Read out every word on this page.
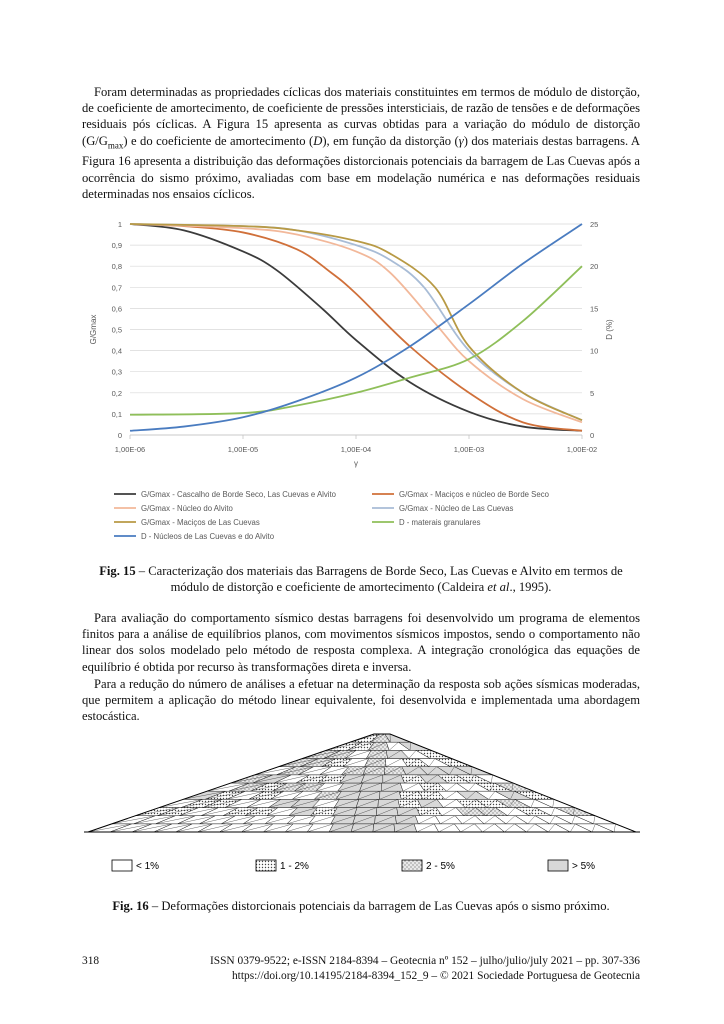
Foram determinadas as propriedades cíclicas dos materiais constituintes em termos de módulo de distorção, de coeficiente de amortecimento, de coeficiente de pressões intersticiais, de razão de tensões e de deformações residuais pós cíclicas. A Figura 15 apresenta as curvas obtidas para a variação do módulo de distorção $(G/G_{max})$ e do coeficiente de amortecimento (D), em função da distorção (γ) dos materiais destas barragens. A Figura 16 apresenta a distribuição das deformações distorcionais potenciais da barragem de Las Cuevas após a ocorrência do sismo próximo, avaliadas com base em modelação numérica e nas deformações residuais determinadas nos ensaios cíclicos.

0
0,1
0,2
0,3
0,4
0,5
0,6
0,7
0,8
0,9
1
0
5
10
15
20
25
1,00E-06	1,00E-05	1,00E-04	1,00E-03	1,00E-02
γ
G/Gmax	D (%)
G/Gmax - Cascalho de Borde Seco, Las Cuevas e Alvito	G/Gmax - Maciços e núcleo de Borde Seco
G/Gmax - Núcleo do Alvito	G/Gmax - Núcleo de Las Cuevas
G/Gmax - Maciços de Las Cuevas	D - materais granulares
D - Núcleos de Las Cuevas e do Alvito

Fig. 15 – Caracterização dos materiais das Barragens de Borde Seco, Las Cuevas e Alvito em termos de módulo de distorção e coeficiente de amortecimento (Caldeira et al., 1995).

Para avaliação do comportamento sísmico destas barragens foi desenvolvido um programa de elementos finitos para a análise de equilíbrios planos, com movimentos sísmicos impostos, sendo o comportamento não linear dos solos modelado pelo método de resposta complexa. A integração cronológica das equações de equilíbrio é obtida por recurso às transformações direta e inversa.

Para a redução do número de análises a efetuar na determinação da resposta sob ações sísmicas moderadas, que permitem a aplicação do método linear equivalente, foi desenvolvida e implementada uma abordagem estocástica.

< 1%	1 - 2%	2 - 5%	> 5%

Fig. 16 – Deformações distorcionais potenciais da barragem de Las Cuevas após o sismo próximo.

318	ISSN 0379-9522; e-ISSN 2184-8394 – Geotecnia nº 152 – julho/julio/july 2021 – pp. 307-336
https://doi.org/10.14195/2184-8394_152_9 – © 2021 Sociedade Portuguesa de Geotecnia
